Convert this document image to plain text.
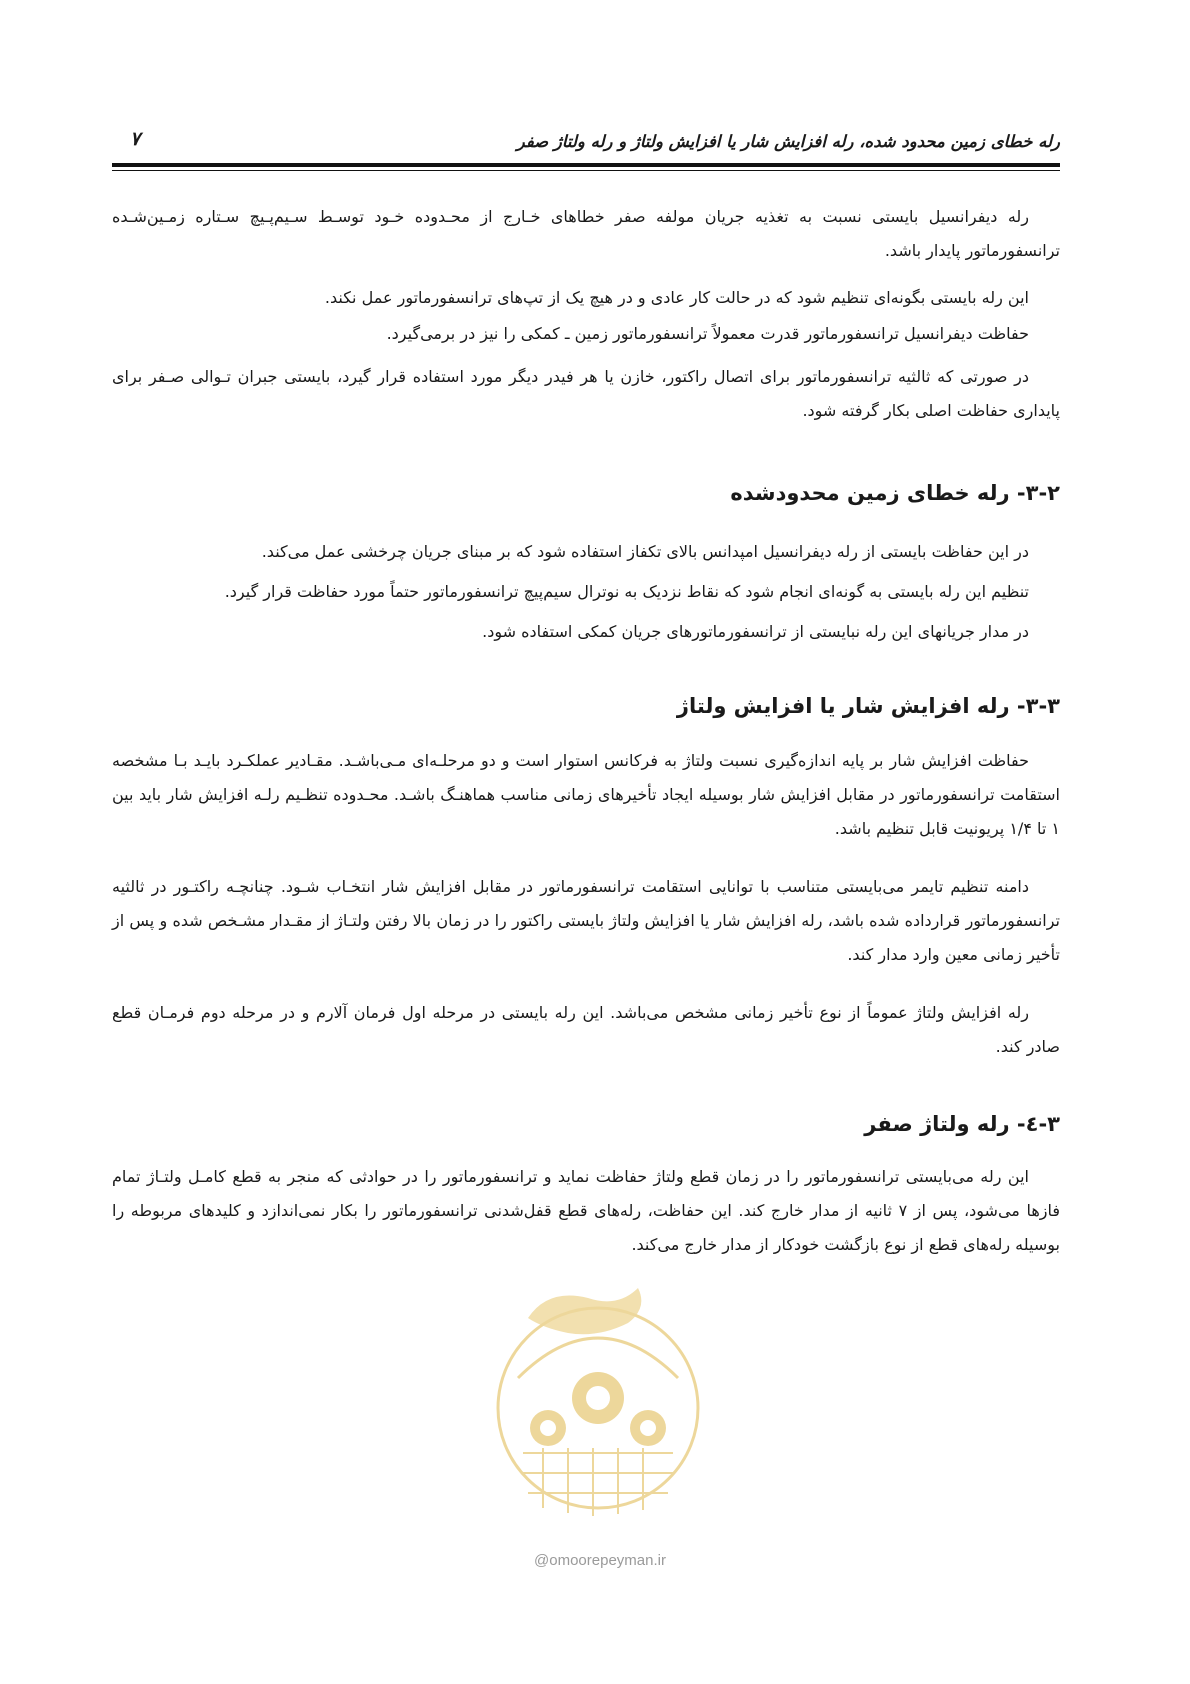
رله خطای زمین محدود شده، رله افزایش شار یا افزایش ولتاژ و رله ولتاژ صفر
۷
رله دیفرانسیل بایستی نسبت به تغذیه جریان مولفه صفر خطاهای خـارج از محـدوده خـود توسـط سـیم‌پـیچ سـتاره زمـین‌شـده ترانسفورماتور پایدار باشد.
این رله بایستی بگونه‌ای تنظیم شود که در حالت کار عادی و در هیچ یک از تپ‌های ترانسفورماتور عمل نکند.
حفاظت دیفرانسیل ترانسفورماتور قدرت معمولاً ترانسفورماتور زمین ـ کمکی را نیز در برمی‌گیرد.
در صورتی که ثالثیه ترانسفورماتور برای اتصال راکتور، خازن یا هر فیدر دیگر مورد استفاده قرار گیرد، بایستی جبران تـوالی صـفر برای پایداری حفاظت اصلی بکار گرفته شود.
۳-۲- رله خطای زمین محدودشده
در این حفاظت بایستی از رله دیفرانسیل امپدانس بالای تکفاز استفاده شود که بر مبنای جریان چرخشی عمل می‌کند.
تنظیم این رله بایستی به گونه‌ای انجام شود که نقاط نزدیک به نوترال سیم‌پیچ ترانسفورماتور حتماً مورد حفاظت قرار گیرد.
در مدار جریانهای این رله نبایستی از ترانسفورماتورهای جریان کمکی استفاده شود.
۳-۳- رله افزایش شار یا افزایش ولتاژ
حفاظت افزایش شار بر پایه اندازه‌گیری نسبت ولتاژ به فرکانس استوار است و دو مرحلـه‌ای مـی‌باشـد. مقـادیر عملکـرد بایـد بـا مشخصه استقامت ترانسفورماتور در مقابل افزایش شار بوسیله ایجاد تأخیرهای زمانی مناسب هماهنـگ باشـد. محـدوده تنظـیم رلـه افزایش شار باید بین ۱ تا ۱/۴ پریونیت قابل تنظیم باشد.
دامنه تنظیم تایمر می‌بایستی متناسب با توانایی استقامت ترانسفورماتور در مقابل افزایش شار انتخـاب شـود. چنانچـه راکتـور در ثالثیه ترانسفورماتور قرارداده شده باشد، رله افزایش شار یا افزایش ولتاژ بایستی راکتور را در زمان بالا رفتن ولتـاژ از مقـدار مشـخص شده و پس از تأخیر زمانی معین وارد مدار کند.
رله افزایش ولتاژ عموماً از نوع تأخیر زمانی مشخص می‌باشد. این رله بایستی در مرحله اول فرمان آلارم و در مرحله دوم فرمـان قطع صادر کند.
۳-٤- رله ولتاژ صفر
این رله می‌بایستی ترانسفورماتور را در زمان قطع ولتاژ حفاظت نماید و ترانسفورماتور را در حوادثی که منجر به قطع کامـل ولتـاژ تمام فازها می‌شود، پس از ۷ ثانیه از مدار خارج کند. این حفاظت، رله‌های قطع قفل‌شدنی ترانسفورماتور را بکار نمی‌اندازد و کلیدهای مربوطه را بوسیله رله‌های قطع از نوع بازگشت خودکار از مدار خارج می‌کند.
@omoorepeyman.ir
